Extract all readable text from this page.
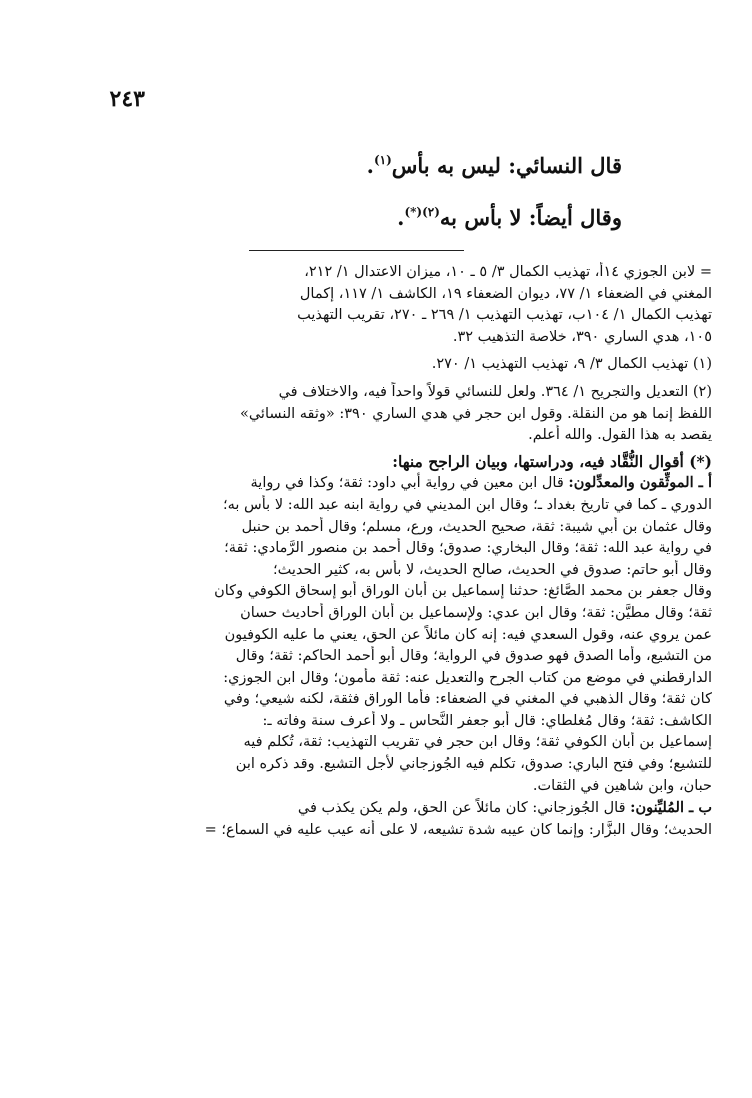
٢٤٣
قال النسائي: ليس به بأس$^{(١)}$.
وقال أيضاً: لا بأس به$^{(٢)(*)}$.
= لابن الجوزي ١٤أ، تهذيب الكمال ٣/ ٥ ـ ١٠، ميزان الاعتدال ١/ ٢١٢،
المغني في الضعفاء ١/ ٧٧، ديوان الضعفاء ١٩، الكاشف ١/ ١١٧، إكمال
تهذيب الكمال ١/ ١٠٤ب، تهذيب التهذيب ١/ ٢٦٩ ـ ٢٧٠، تقريب التهذيب
١٠٥، هدي الساري ٣٩٠، خلاصة التذهيب ٣٢.
(١) تهذيب الكمال ٣/ ٩، تهذيب التهذيب ١/ ٢٧٠.
(٢) التعديل والتجريح ١/ ٣٦٤. ولعل للنسائي قولاً واحداً فيه، والاختلاف في
اللفظ إنما هو من النقلة. وقول ابن حجر في هدي الساري ٣٩٠: «وثقه النسائي»
يقصد به هذا القول. والله أعلم.
(*) أقوال النُّقَّاد فيه، ودراستها، وبيان الراجح منها:
أ ـ الموثِّقون والمعدِّلون: قال ابن معين في رواية أبي داود: ثقة؛ وكذا في رواية
الدوري ـ كما في تاريخ بغداد ـ؛ وقال ابن المديني في رواية ابنه عبد الله: لا بأس به؛
وقال عثمان بن أبي شيبة: ثقة، صحيح الحديث، ورع، مسلم؛ وقال أحمد بن حنبل
في رواية عبد الله: ثقة؛ وقال البخاري: صدوق؛ وقال أحمد بن منصور الرَّمادي: ثقة؛
وقال أبو حاتم: صدوق في الحديث، صالح الحديث، لا بأس به، كثير الحديث؛
وقال جعفر بن محمد الصَّائغ: حدثنا إسماعيل بن أبان الوراق أبو إسحاق الكوفي وكان
ثقة؛ وقال مطيَّن: ثقة؛ وقال ابن عدي: ولإسماعيل بن أبان الوراق أحاديث حسان
عمن يروي عنه، وقول السعدي فيه: إنه كان مائلاً عن الحق، يعني ما عليه الكوفيون
من التشيع، وأما الصدق فهو صدوق في الرواية؛ وقال أبو أحمد الحاكم: ثقة؛ وقال
الدارقطني في موضع من كتاب الجرح والتعديل عنه: ثقة مأمون؛ وقال ابن الجوزي:
كان ثقة؛ وقال الذهبي في المغني في الضعفاء: فأما الوراق فثقة، لكنه شيعي؛ وفي
الكاشف: ثقة؛ وقال مُغلطاي: قال أبو جعفر النَّحاس ـ ولا أعرف سنة وفاته ـ:
إسماعيل بن أبان الكوفي ثقة؛ وقال ابن حجر في تقريب التهذيب: ثقة، تُكلم فيه
للتشيع؛ وفي فتح الباري: صدوق، تكلم فيه الجُوزجاني لأجل التشيع. وقد ذكره ابن
حبان، وابن شاهين في الثقات.
ب ـ المُليِّنون: قال الجُوزجاني: كان مائلاً عن الحق، ولم يكن يكذب في
الحديث؛ وقال البزَّار: وإنما كان عيبه شدة تشيعه، لا على أنه عيب عليه في السماع؛ =
